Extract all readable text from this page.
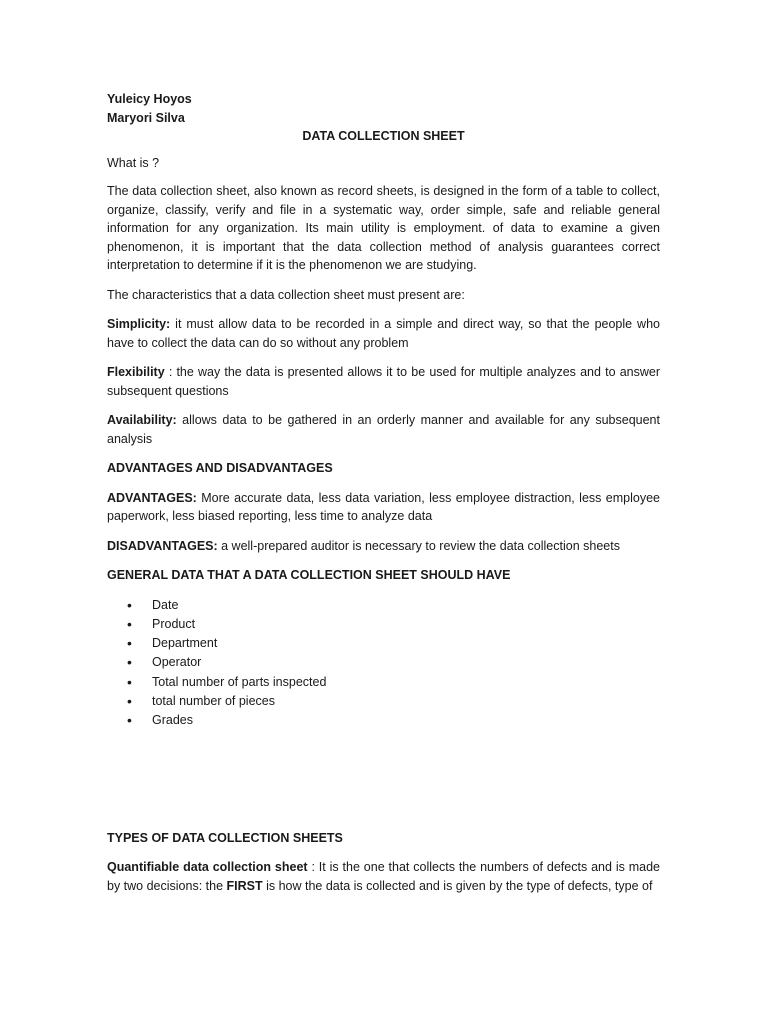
Yuleicy Hoyos

Maryori Silva

DATA COLLECTION SHEET

What is ?

The data collection sheet, also known as record sheets, is designed in the form of a table to collect, organize, classify, verify and file in a systematic way, order simple, safe and reliable general information for any organization. Its main utility is employment. of data to examine a given phenomenon, it is important that the data collection method of analysis guarantees correct interpretation to determine if it is the phenomenon we are studying.

The characteristics that a data collection sheet must present are:

Simplicity: it must allow data to be recorded in a simple and direct way, so that the people who have to collect the data can do so without any problem

Flexibility : the way the data is presented allows it to be used for multiple analyzes and to answer subsequent questions

Availability: allows data to be gathered in an orderly manner and available for any subsequent analysis

ADVANTAGES AND DISADVANTAGES

ADVANTAGES: More accurate data, less data variation, less employee distraction, less employee paperwork, less biased reporting, less time to analyze data

DISADVANTAGES: a well-prepared auditor is necessary to review the data collection sheets

GENERAL DATA THAT A DATA COLLECTION SHEET SHOULD HAVE

• Date
• Product
• Department
• Operator
• Total number of parts inspected
• total number of pieces
• Grades

TYPES OF DATA COLLECTION SHEETS

Quantifiable data collection sheet : It is the one that collects the numbers of defects and is made by two decisions: the FIRST is how the data is collected and is given by the type of defects, type of
